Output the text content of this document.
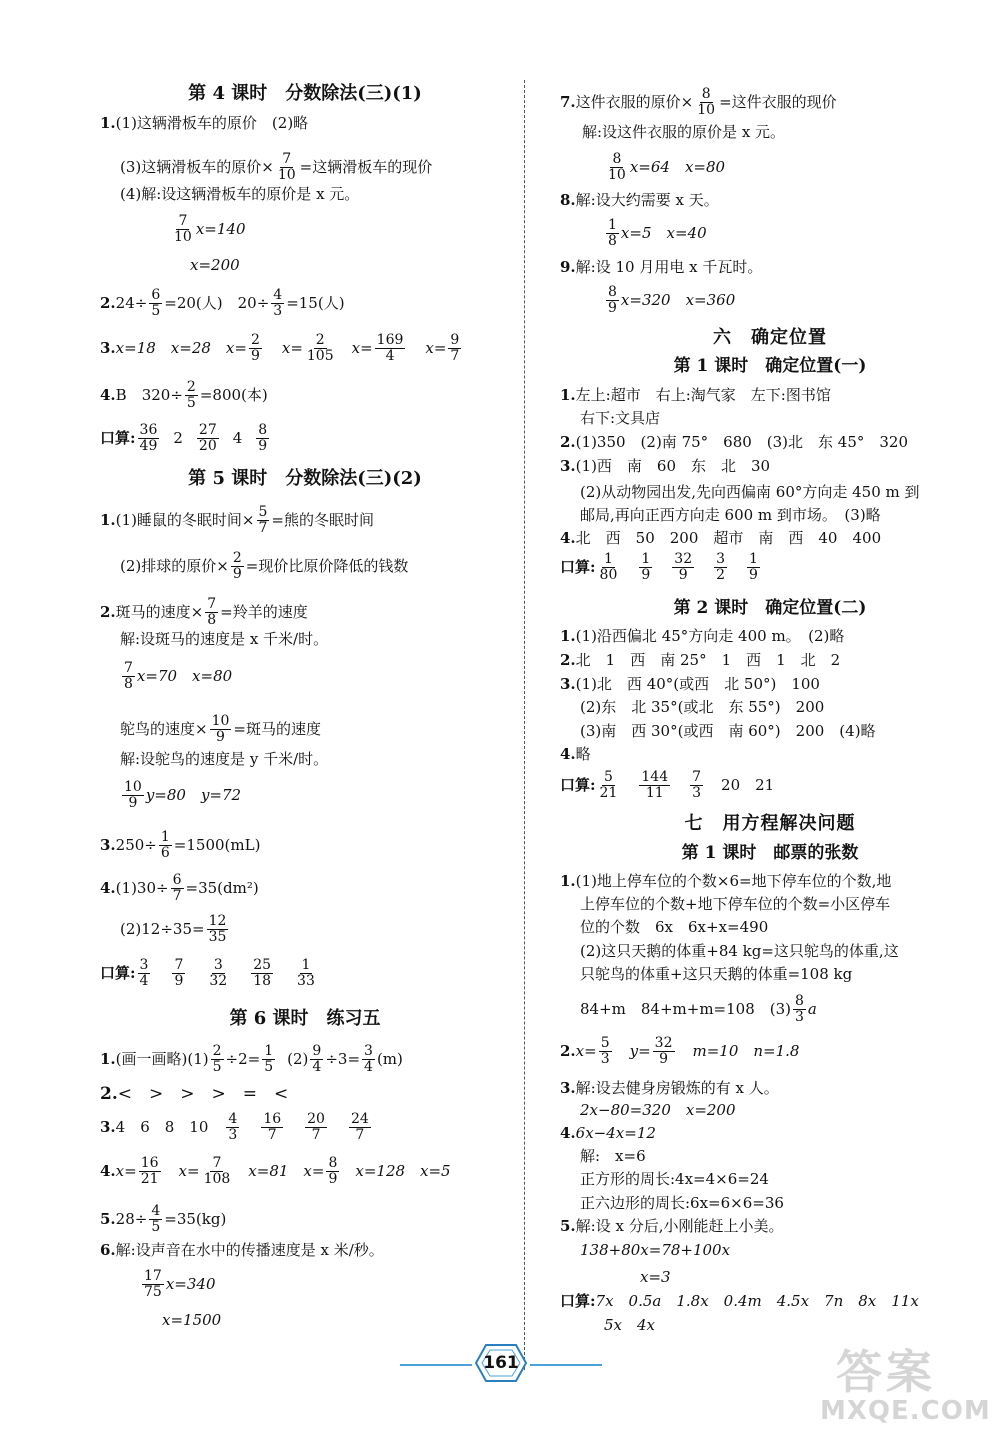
第 4 课时　分数除法(三)(1)
1. (1)这辆滑板车的原价　(2)略
(3)这辆滑板车的原价× $\frac{7}{10}$ =这辆滑板车的现价
(4)解:设这辆滑板车的原价是 x 元。
7
10 x=140
x=200
2. $24\div \frac{6}{5} =20$(人)　$20\div \frac{4}{3} =15$(人)
3. x=18　x=28　$x= \frac{2}{9} x= \frac{2}{105} x= \frac{169}{4} x= \frac{9}{7}$
4. B　$320\div \frac{2}{5} =800$(本)
口算: 36
49 2 27
20 4 8
9
第 5 课时　分数除法(三)(2)
1. (1)睡鼠的冬眠时间× $\frac{5}{7}$ =熊的冬眠时间
(2)排球的原价× $\frac{2}{9}$ =现价比原价降低的钱数
2. 斑马的速度× $\frac{7}{8}$ =羚羊的速度
解:设斑马的速度是 x 千米/时。
7
8 x=70　x=80
鸵鸟的速度× $\frac{10}{9}$ =斑马的速度
解:设鸵鸟的速度是 y 千米/时。
10
9 y=80　y=72
3. $250\div \frac{1}{6} =1500(mL)$
4. $(1)30\div \frac{6}{7} =35(dm^2)$
$(2)12\div 35= \frac{12}{35}$
口算: 3
4
7
9
3
32
25
18
1
33
第 6 课时　练习五
1. (画一画略)$(1) \frac{2}{5} \div 2= \frac{1}{5} (2) \frac{9}{4} \div 3= \frac{3}{4} (m)$
2. <　>　>　>　=　<
3. 4　6　8　10 4
3
16
7
20
7
24
7
4. $x= \frac{16}{21} x= \frac{7}{108} x=81$　$x= \frac{8}{9} x=128$　x=5
5. $28\div \frac{4}{5} =35(kg)$
6. 解:设声音在水中的传播速度是 x 米/秒。
17
75 x=340
x=1500
7. 这件衣服的原价× $\frac{8}{10}$ =这件衣服的现价
解:设这件衣服的原价是 x 元。
8
10 x=64　x=80
8. 解:设大约需要 x 天。
1
8 x=5　x=40
9. 解:设 10 月用电 x 千瓦时。
8
9 x=320　x=360
六　确定位置
第 1 课时　确定位置(一)
1. 左上:超市　右上:淘气家　左下:图书馆
右下:文具店
2. (1)350　(2)南 75°　680　(3)北　东 45°　320
3. (1)西　南　60　东　北　30
(2)从动物园出发,先向西偏南 60°方向走 450 m 到
邮局,再向正西方向走 600 m 到市场。　(3)略
4. 北　西　50　200　超市　南　西　40　400
口算: 1
80
1
9
32
9
3
2
1
9
第 2 课时　确定位置(二)
1. (1)沿西偏北 45°方向走 400 m。　(2)略
2. 北　1　西　南 25°　1　西　1　北　2
3. (1)北　西 40°(或西　北 50°)　100
(2)东　北 35°(或北　东 55°)　200
(3)南　西 30°(或西　南 60°)　200　(4)略
4. 略
口算: 5
21
144
11
7
3 20　21
七　用方程解决问题
第 1 课时　邮票的张数
1. (1)地上停车位的个数×6=地下停车位的个数,地
上停车位的个数+地下停车位的个数=小区停车
位的个数　6x　6x+x=490
(2)这只天鹅的体重+84 kg=这只鸵鸟的体重,这
只鸵鸟的体重+这只天鹅的体重=108 kg
84+m　84+m+m=108　(3) 8
3 a
2. $x= \frac{5}{3} y= \frac{32}{9} m=10$　n=1.8
3. 解:设去健身房锻炼的有 x 人。
2x−80=320　x=200
4. 6x−4x=12
解:　x=6
正方形的周长:4x=4×6=24
正六边形的周长:6x=6×6=36
5. 解:设 x 分后,小刚能赶上小美。
138+80x=78+100x
x=3
口算: 7x　0.5a　1.8x　0.4m　4.5x　7n　8x　11x
5x　4x
161	答案
MXQE.COM
